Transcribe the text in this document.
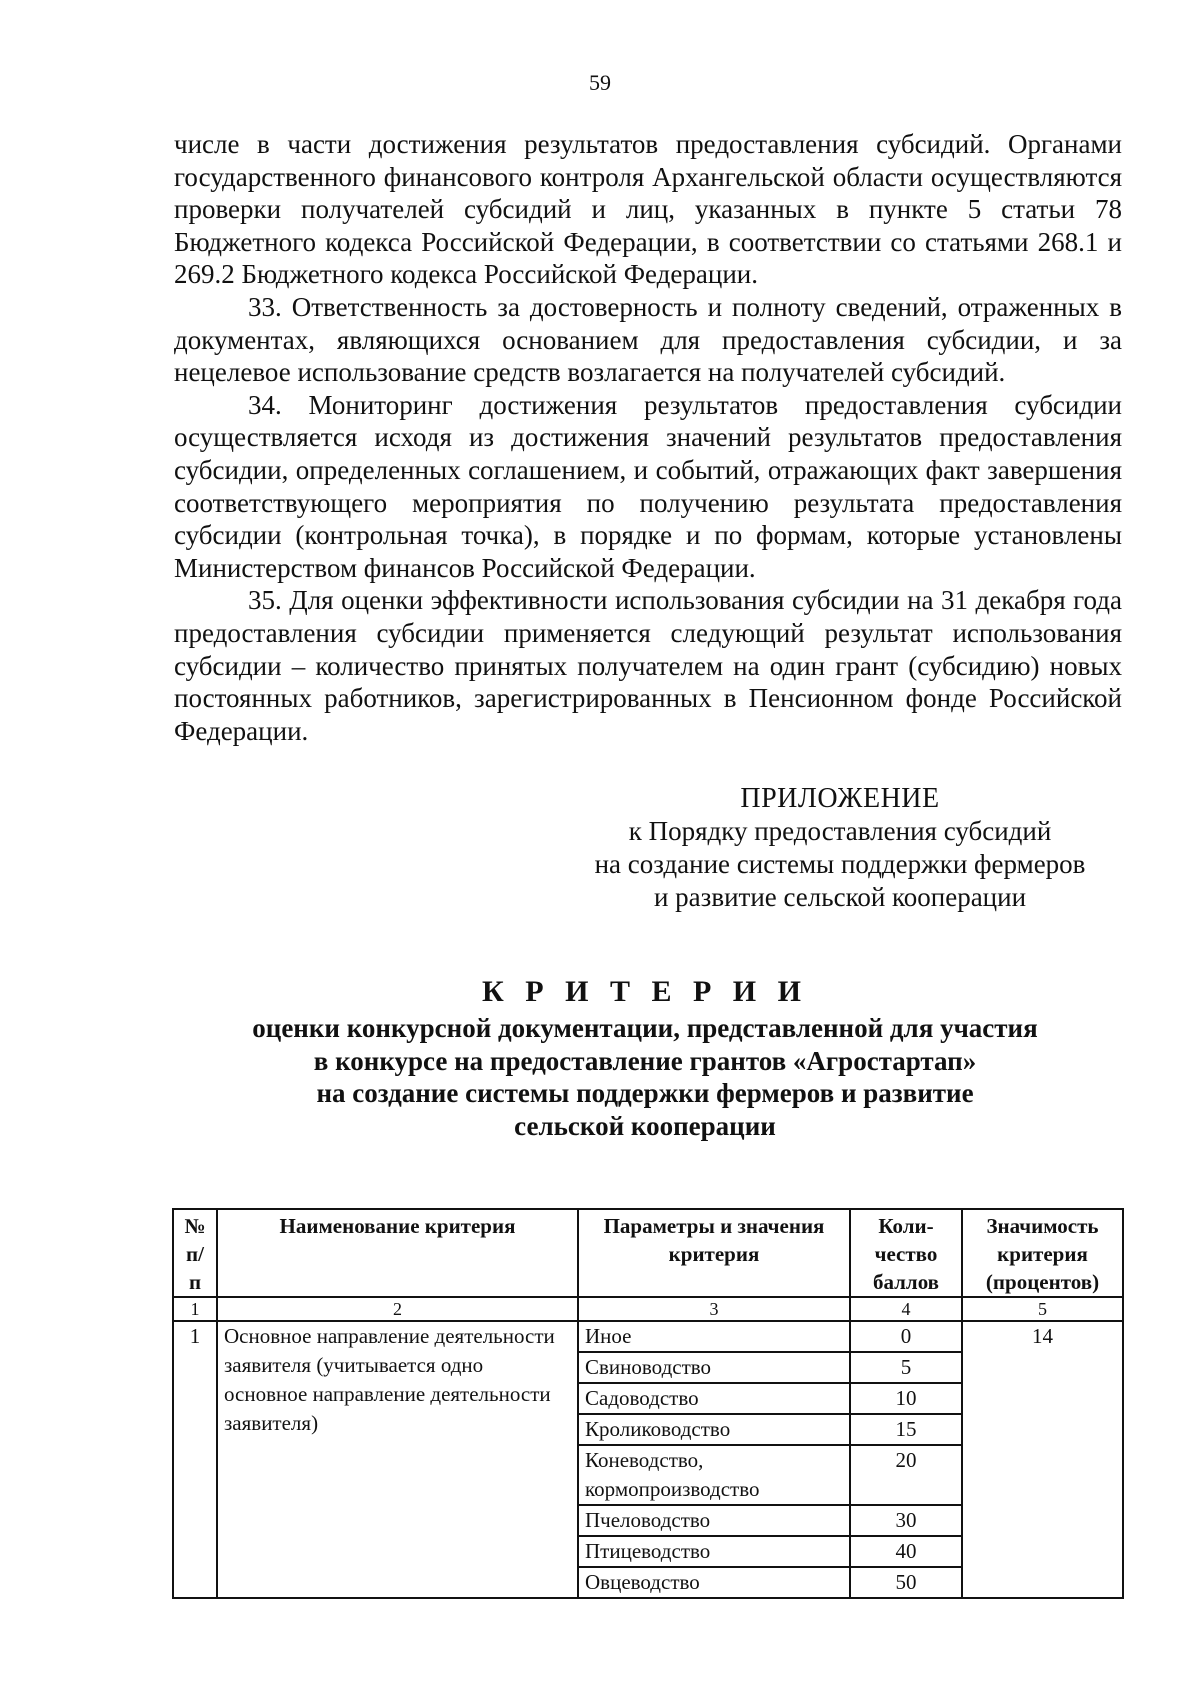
59

числе в части достижения результатов предоставления субсидий. Органами государственного финансового контроля Архангельской области осуществляются проверки получателей субсидий и лиц, указанных в пункте 5 статьи 78 Бюджетного кодекса Российской Федерации, в соответствии со статьями 268.1 и 269.2 Бюджетного кодекса Российской Федерации.

33. Ответственность за достоверность и полноту сведений, отраженных в документах, являющихся основанием для предоставления субсидии, и за нецелевое использование средств возлагается на получателей субсидий.

34. Мониторинг достижения результатов предоставления субсидии осуществляется исходя из достижения значений результатов предоставления субсидии, определенных соглашением, и событий, отражающих факт завершения соответствующего мероприятия по получению результата предоставления субсидии (контрольная точка), в порядке и по формам, которые установлены Министерством финансов Российской Федерации.

35. Для оценки эффективности использования субсидии на 31 декабря года предоставления субсидии применяется следующий результат использования субсидии – количество принятых получателем на один грант (субсидию) новых постоянных работников, зарегистрированных в Пенсионном фонде Российской Федерации.

ПРИЛОЖЕНИЕ
к Порядку предоставления субсидий
на создание системы поддержки фермеров
и развитие сельской кооперации
К Р И Т Е Р И И
оценки конкурсной документации, представленной для участия
в конкурсе на предоставление грантов «Агростартап»
на создание системы поддержки фермеров и развитие
сельской кооперации
№ п/п	Наименование критерия	Параметры и значения критерия	Коли-чество баллов	Значимость критерия (процентов)
1	2	3	4	5
1	Основное направление деятельности заявителя (учитывается одно основное направление деятельности заявителя)	Иное	0	14
		Свиноводство	5	
		Садоводство	10	
		Кролиководство	15	
		Коневодство, кормопроизводство	20	
		Пчеловодство	30	
		Птицеводство	40	
		Овцеводство	50	
